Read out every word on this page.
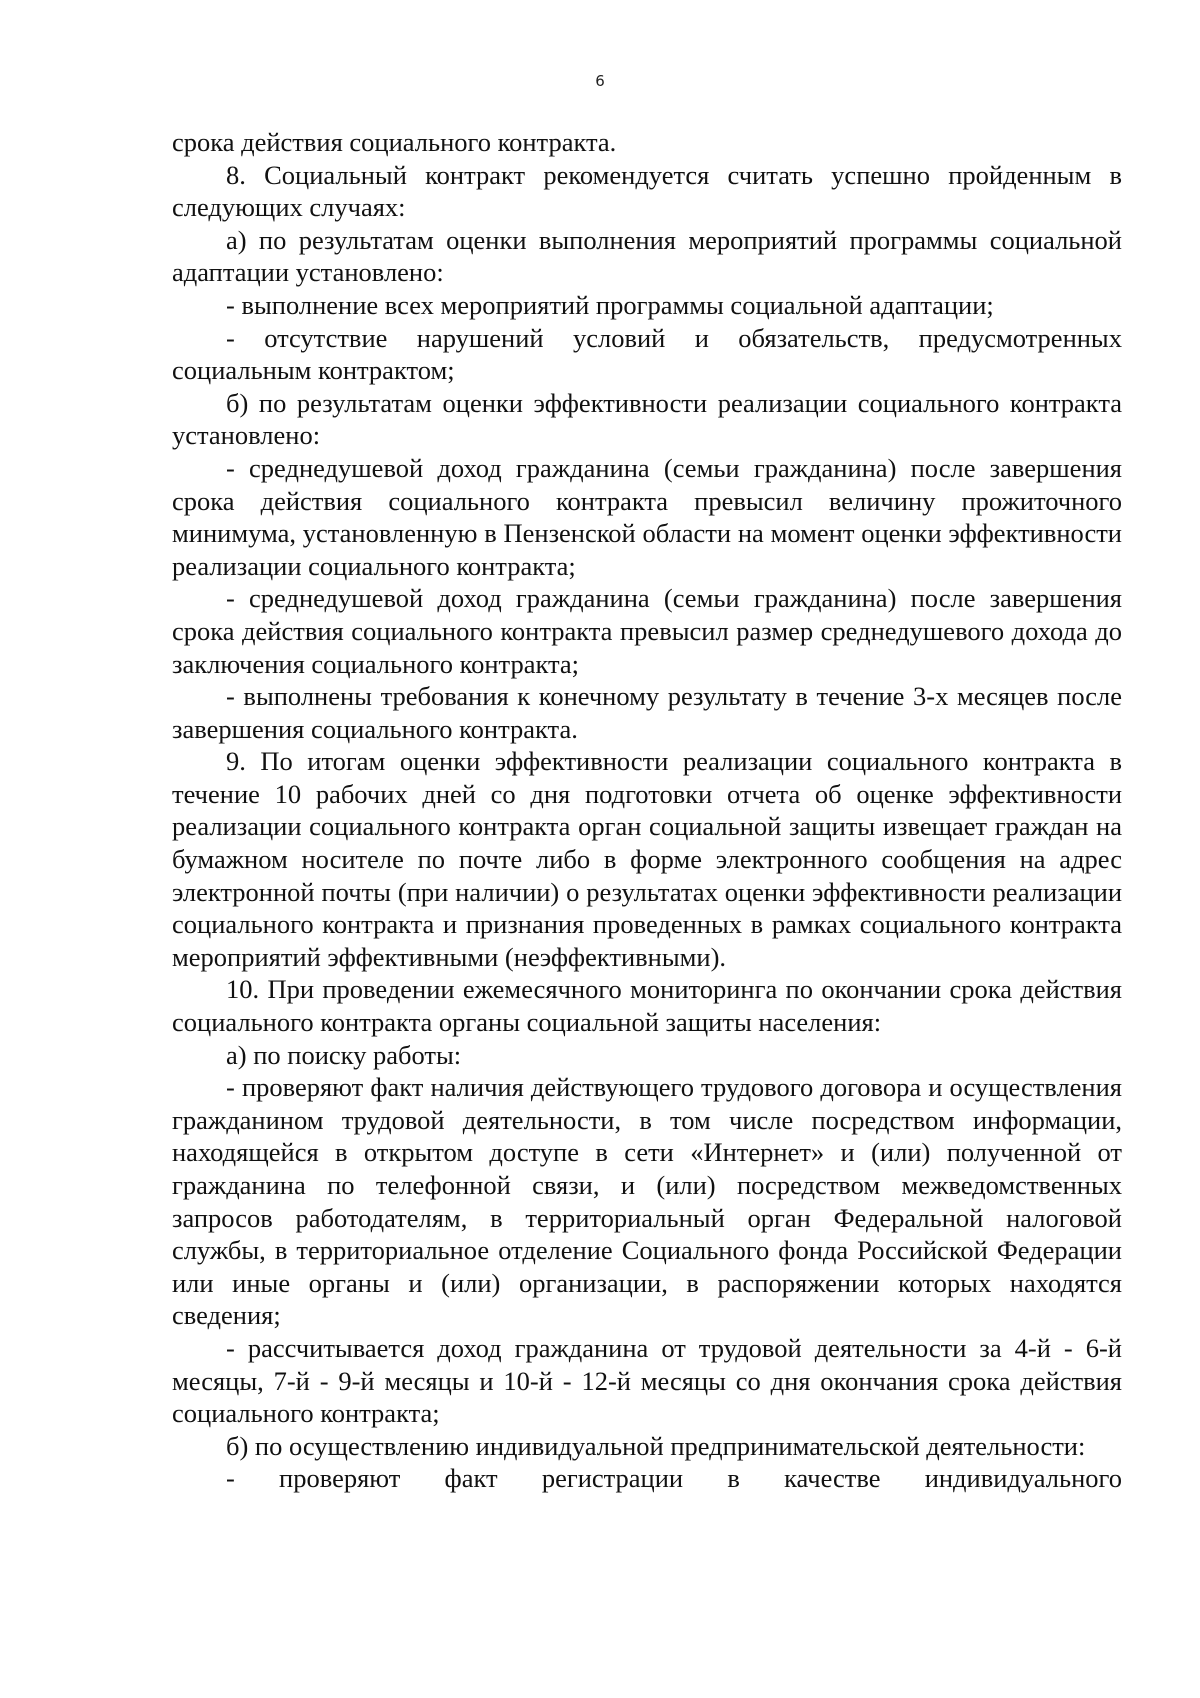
6

срока действия социального контракта.

8. Социальный контракт рекомендуется считать успешно пройденным в следующих случаях:

а) по результатам оценки выполнения мероприятий программы социальной адаптации установлено:

- выполнение всех мероприятий программы социальной адаптации;

- отсутствие нарушений условий и обязательств, предусмотренных социальным контрактом;

б) по результатам оценки эффективности реализации социального контракта установлено:

- среднедушевой доход гражданина (семьи гражданина) после завершения срока действия социального контракта превысил величину прожиточного минимума, установленную в Пензенской области на момент оценки эффективности реализации социального контракта;

- среднедушевой доход гражданина (семьи гражданина) после завершения срока действия социального контракта превысил размер среднедушевого дохода до заключения социального контракта;

- выполнены требования к конечному результату в течение 3-х месяцев после завершения социального контракта.

9. По итогам оценки эффективности реализации социального контракта в течение 10 рабочих дней со дня подготовки отчета об оценке эффективности реализации социального контракта орган социальной защиты извещает граждан на бумажном носителе по почте либо в форме электронного сообщения на адрес электронной почты (при наличии) о результатах оценки эффективности реализации социального контракта и признания проведенных в рамках социального контракта мероприятий эффективными (неэффективными).

10. При проведении ежемесячного мониторинга по окончании срока действия социального контракта органы социальной защиты населения:

а) по поиску работы:

- проверяют факт наличия действующего трудового договора и осуществления гражданином трудовой деятельности, в том числе посредством информации, находящейся в открытом доступе в сети «Интернет» и (или) полученной от гражданина по телефонной связи, и (или) посредством межведомственных запросов работодателям, в территориальный орган Федеральной налоговой службы, в территориальное отделение Социального фонда Российской Федерации или иные органы и (или) организации, в распоряжении которых находятся сведения;

- рассчитывается доход гражданина от трудовой деятельности за 4-й - 6-й месяцы, 7-й - 9-й месяцы и 10-й - 12-й месяцы со дня окончания срока действия социального контракта;

б) по осуществлению индивидуальной предпринимательской деятельности:

- проверяют факт регистрации в качестве индивидуального
